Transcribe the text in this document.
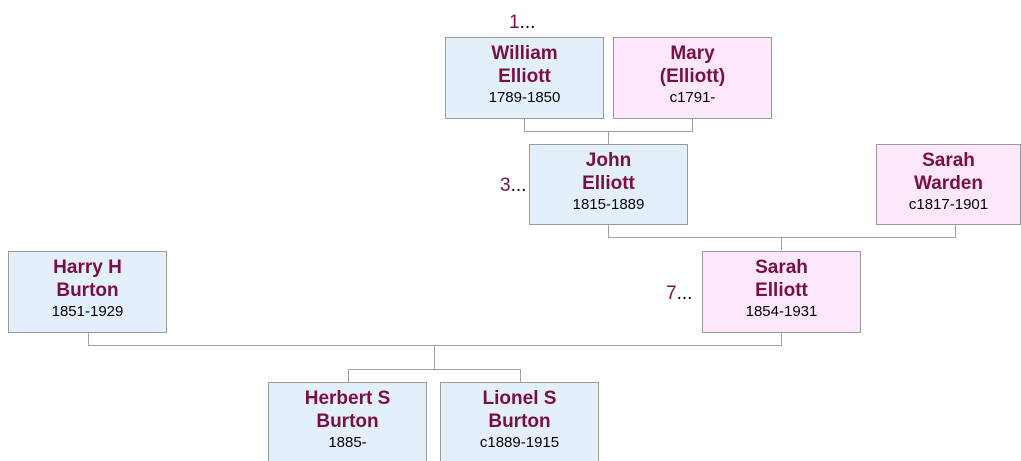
1...
3...
7...
William
Elliott
1789-1850
Mary
(Elliott)
c1791-
John
Elliott
1815-1889
Sarah
Warden
c1817-1901
Harry H
Burton
1851-1929
Sarah
Elliott
1854-1931
Herbert S
Burton
1885-
Lionel S
Burton
c1889-1915
